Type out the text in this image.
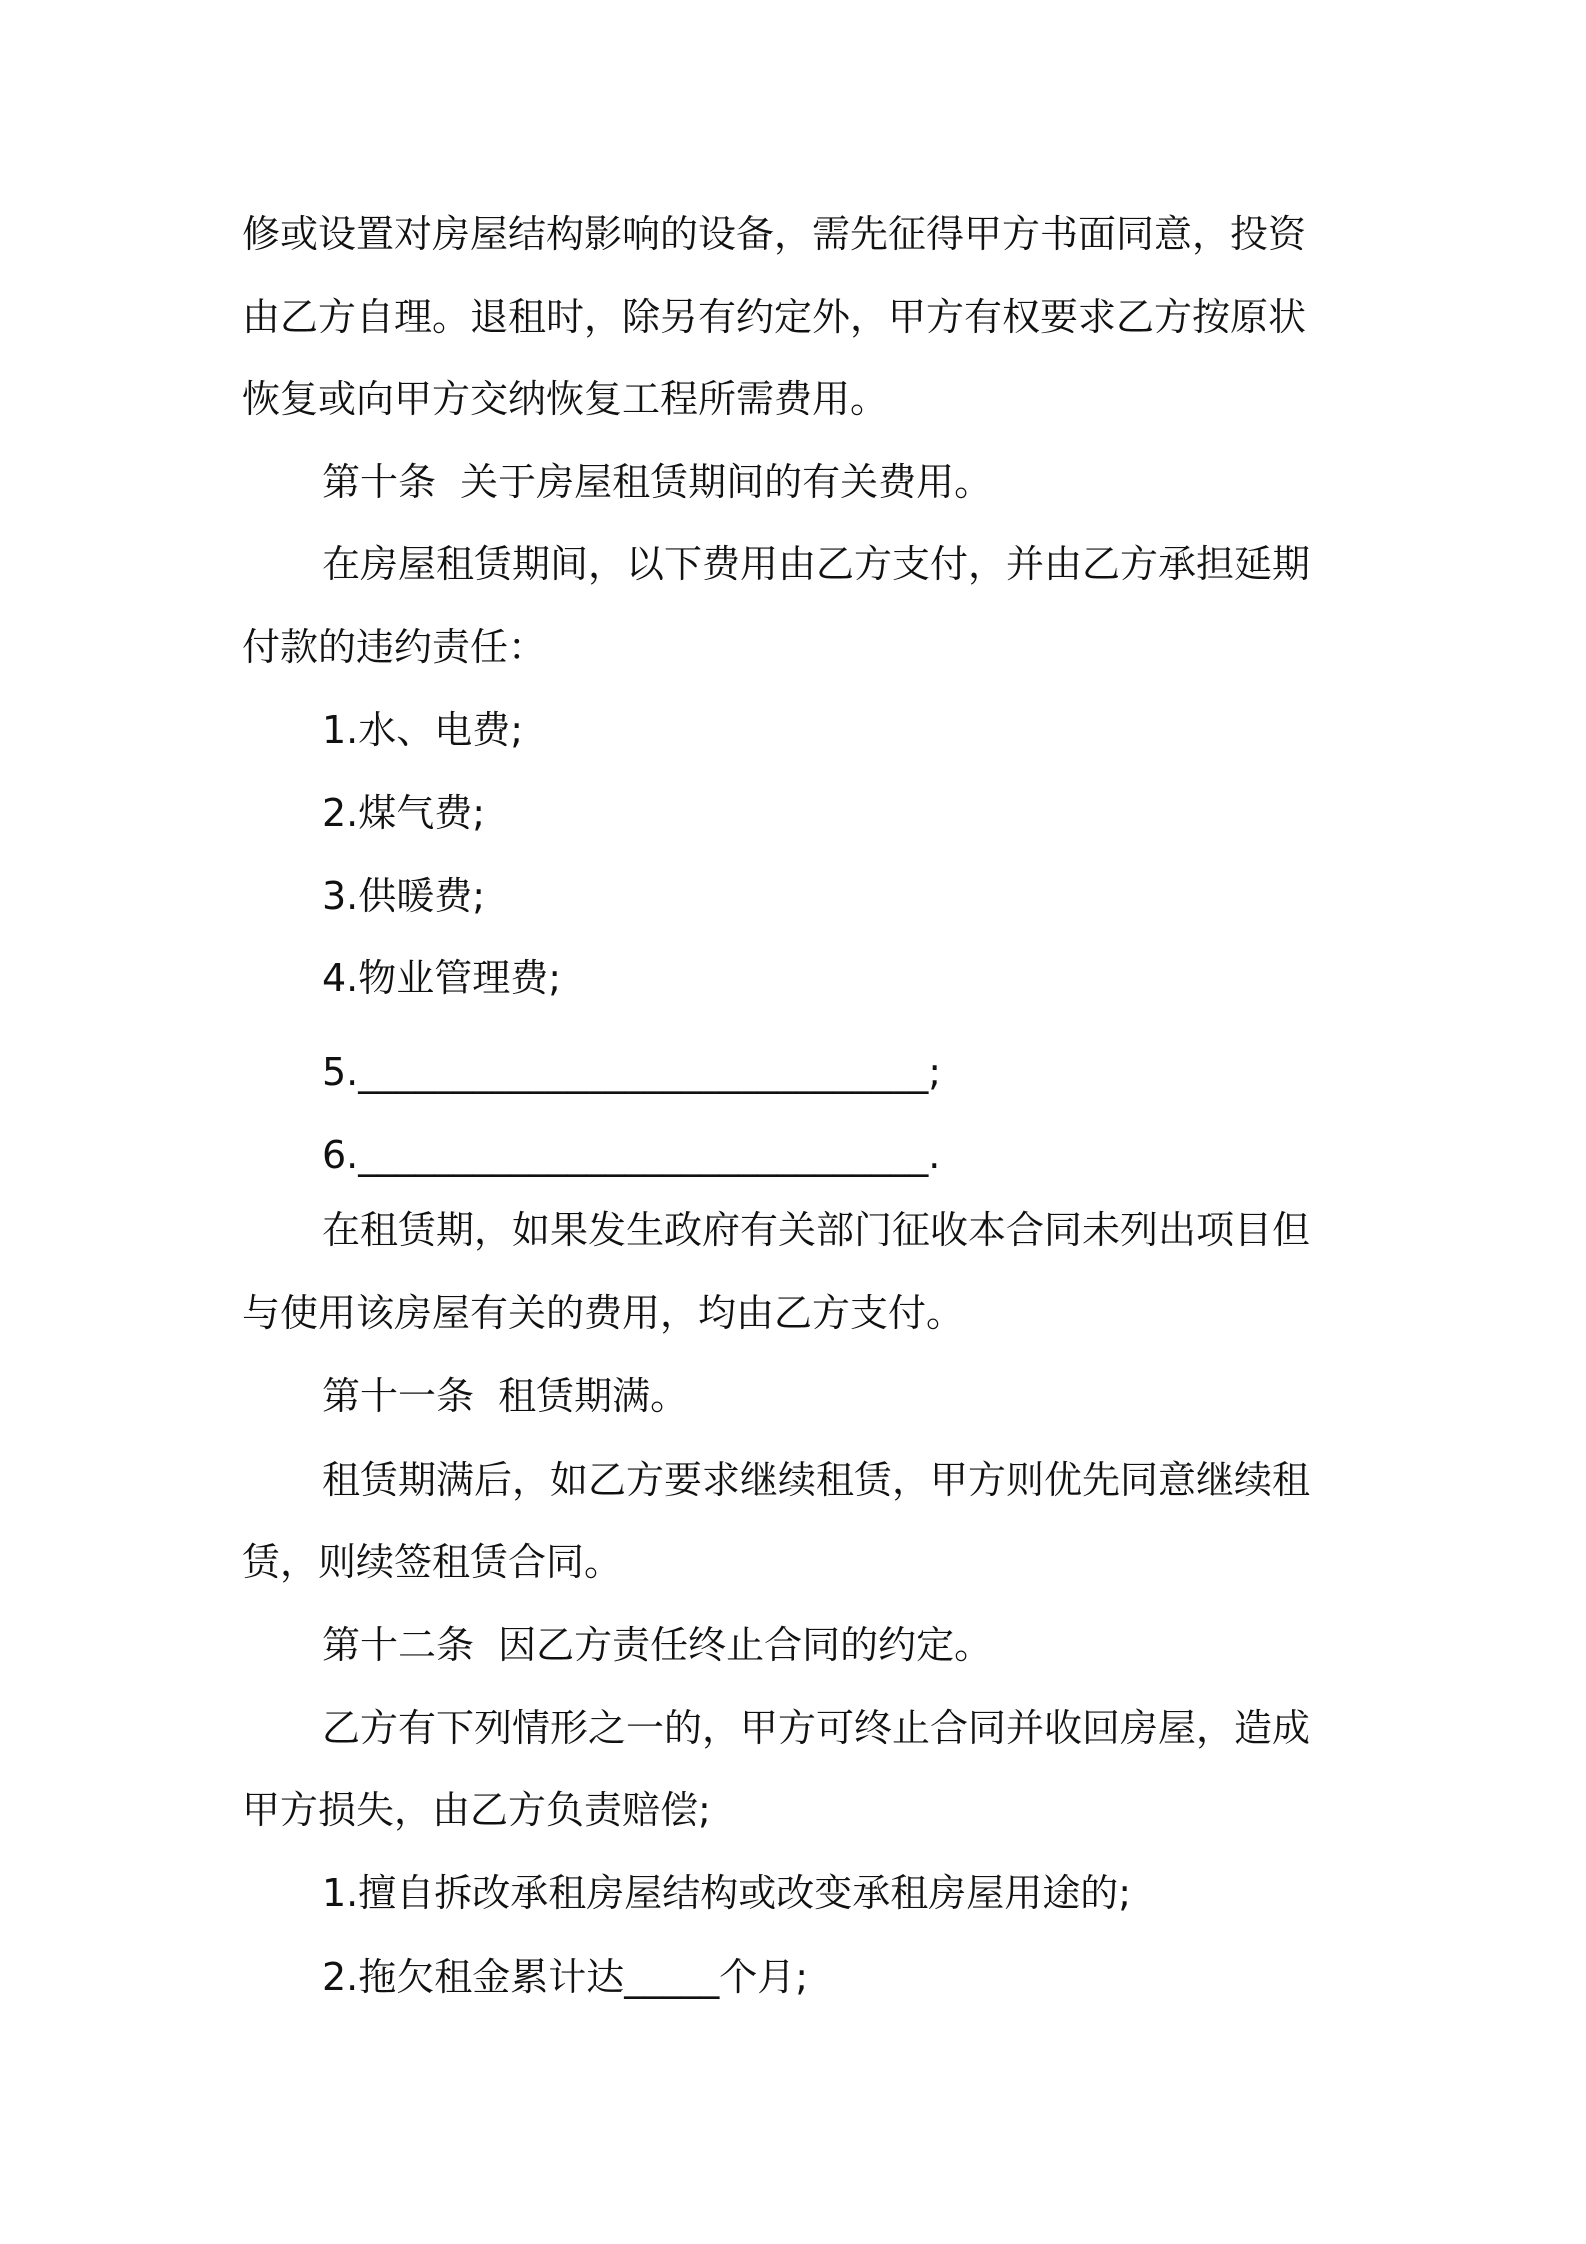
修或设置对房屋结构影响的设备，需先征得甲方书面同意，投资

由乙方自理。退租时，除另有约定外，甲方有权要求乙方按原状

恢复或向甲方交纳恢复工程所需费用。

第十条  关于房屋租赁期间的有关费用。

在房屋租赁期间，以下费用由乙方支付，并由乙方承担延期

付款的违约责任：

1.水、电费;

2.煤气费;

3.供暖费;

4.物业管理费;

5.______________________________;

6.______________________________.

在租赁期，如果发生政府有关部门征收本合同未列出项目但

与使用该房屋有关的费用，均由乙方支付。

第十一条  租赁期满。

租赁期满后，如乙方要求继续租赁，甲方则优先同意继续租

赁，则续签租赁合同。

第十二条  因乙方责任终止合同的约定。

乙方有下列情形之一的，甲方可终止合同并收回房屋，造成

甲方损失，由乙方负责赔偿;

1.擅自拆改承租房屋结构或改变承租房屋用途的;

2.拖欠租金累计达_____个月;
